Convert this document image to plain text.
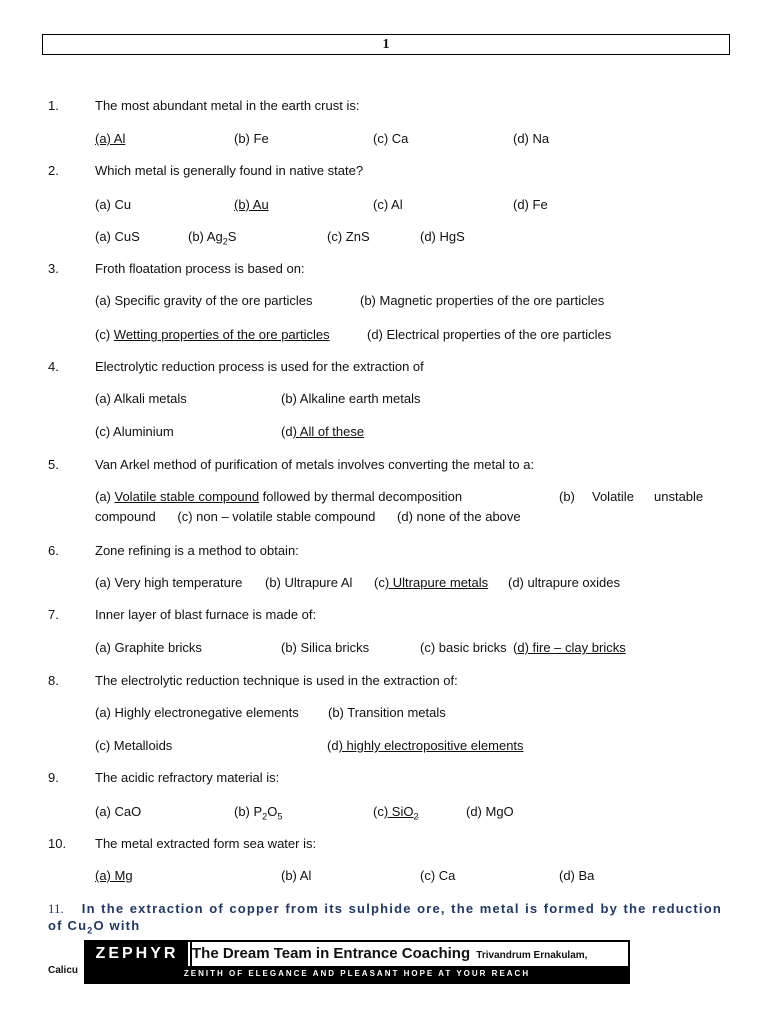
1
1.	The most abundant metal in the earth crust is:
(a) Al	(b) Fe	(c) Ca	(d) Na
2.	Which metal is generally found in native state?
(a) Cu	(b) Au	(c) Al	(d) Fe
(a) CuS	(b) $Ag_2S$	(c) ZnS	(d) HgS
3.	Froth floatation process is based on:
(a) Specific gravity of the ore particles	(b) Magnetic properties of the ore particles
(c) Wetting properties of the ore particles	(d) Electrical properties of the ore particles
4.	Electrolytic reduction process is used for the extraction of
(a) Alkali metals	(b) Alkaline earth metals
(c) Aluminium	(d) All of these
5.	Van Arkel method of purification of metals involves converting the metal to a:
(a) Volatile stable compound followed by thermal decomposition	(b) Volatile unstable
compound      (c) non – volatile stable compound      (d) none of the above
6.	Zone refining is a method to obtain:
(a) Very high temperature (b) Ultrapure Al (c) Ultrapure metals (d) ultrapure oxides
7.	Inner layer of blast furnace is made of:
(a) Graphite bricks	(b) Silica bricks	(c) basic bricks (d) fire – clay bricks
8.	The electrolytic reduction technique is used in the extraction of:
(a) Highly electronegative elements (b) Transition metals
(c) Metalloids	(d) highly electropositive elements
9.	The acidic refractory material is:
(a) CaO	(b) $P_2O_5$	(c) SiO$_2$	(d) MgO
10. The metal extracted form sea water is:
(a) Mg	(b) Al	(c) Ca	(d) Ba
11. In the extraction of copper from its sulphide ore, the metal is formed by the reduction of $Cu_2O$ with
Calicu
ZEPHYR The Dream Team in Entrance Coaching Trivandrum Ernakulam,
ZENITH OF ELEGANCE AND PLEASANT HOPE AT YOUR REACH
